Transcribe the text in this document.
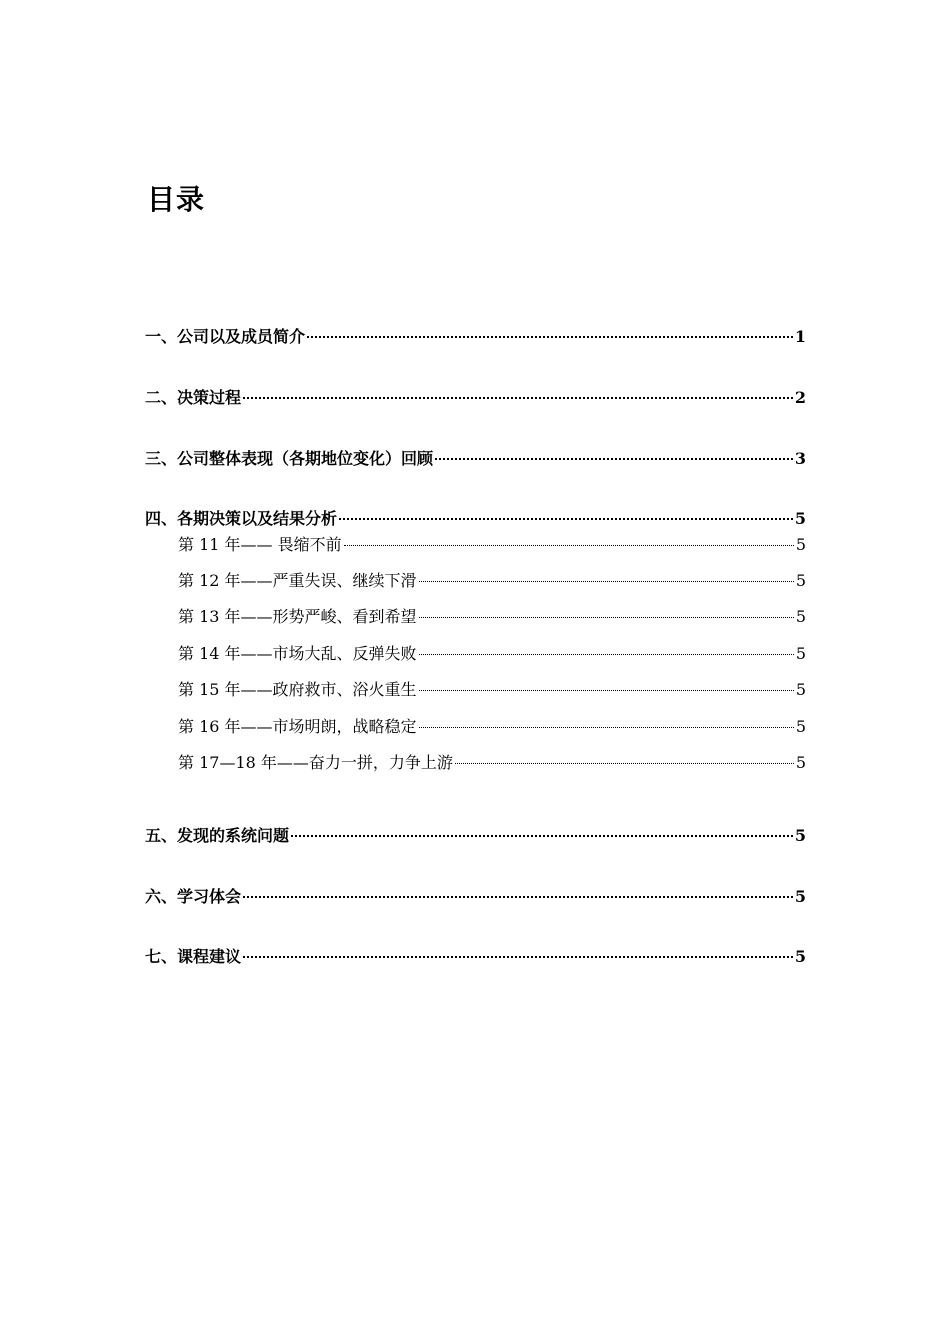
目录
一、公司以及成员简介	1
二、决策过程	2
三、公司整体表现（各期地位变化）回顾	3
四、各期决策以及结果分析	5
第 11 年—— 畏缩不前	5
第 12 年——严重失误、继续下滑	5
第 13 年——形势严峻、看到希望	5
第 14 年——市场大乱、反弹失败	5
第 15 年——政府救市、浴火重生	5
第 16 年——市场明朗，战略稳定	5
第 17—18 年——奋力一拼，力争上游	5
五、发现的系统问题	5
六、学习体会	5
七、课程建议	5
